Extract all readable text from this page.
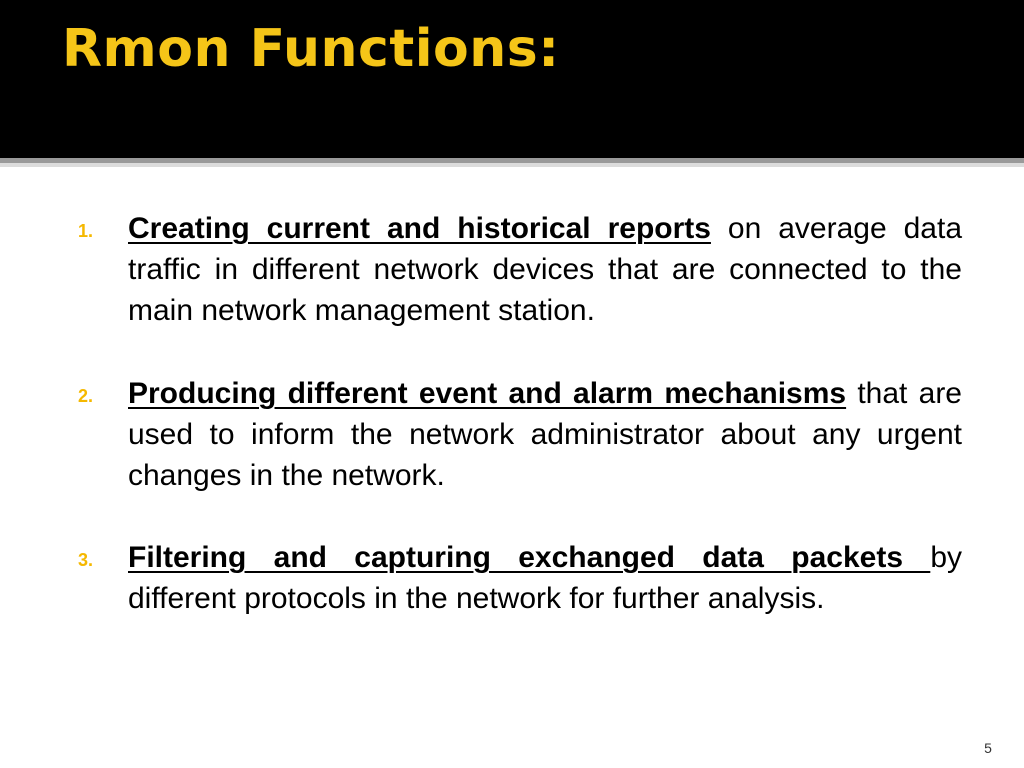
Rmon Functions:
1. Creating current and historical reports on average data traffic in different network devices that are connected to the main network management station.

2. Producing different event and alarm mechanisms that are used to inform the network administrator about any urgent changes in the network.

3. Filtering and capturing exchanged data packets by different protocols in the network for further analysis.

5
